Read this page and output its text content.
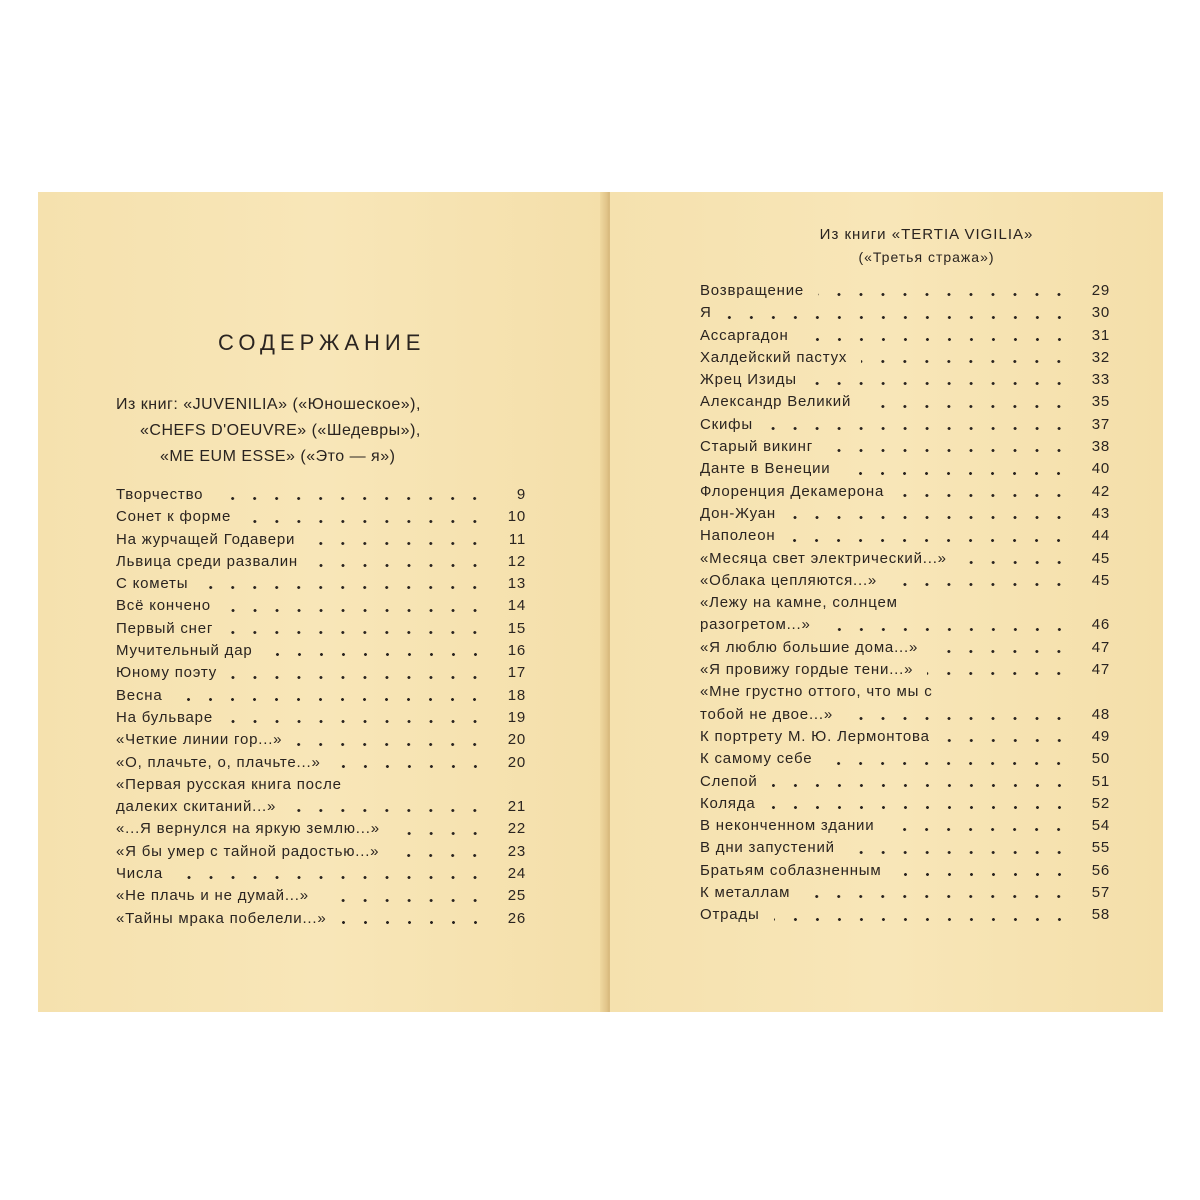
СОДЕРЖАНИЕ
Из книг: «JUVENILIA» («Юношеское»),
«CHEFS D'OEUVRE» («Шедевры»),
«ME EUM ESSE» («Это — я»)
Творчество	9
Сонет к форме	10
На журчащей Годавери	11
Львица среди развалин	12
С кометы	13
Всё кончено	14
Первый снег	15
Мучительный дар	16
Юному поэту	17
Весна	18
На бульваре	19
«Четкие линии гор...»	20
«О, плачьте, о, плачьте...»	20
«Первая русская книга после
далеких скитаний...»	21
«...Я вернулся на яркую землю...»	22
«Я бы умер с тайной радостью...»	23
Числа	24
«Не плачь и не думай...»	25
«Тайны мрака побелели...»	26
Из книги «TERTIA VIGILIA»
(«Третья стража»)
Возвращение	29
Я	30
Ассаргадон	31
Халдейский пастух	32
Жрец Изиды	33
Александр Великий	35
Скифы	37
Старый викинг	38
Данте в Венеции	40
Флоренция Декамерона	42
Дон-Жуан	43
Наполеон	44
«Месяца свет электрический...»	45
«Облака цепляются...»	45
«Лежу на камне, солнцем
разогретом...»	46
«Я люблю большие дома...»	47
«Я провижу гордые тени...»	47
«Мне грустно оттого, что мы с
тобой не двое...»	48
К портрету М. Ю. Лермонтова	49
К самому себе	50
Слепой	51
Коляда	52
В неконченном здании	54
В дни запустений	55
Братьям соблазненным	56
К металлам	57
Отрады	58
